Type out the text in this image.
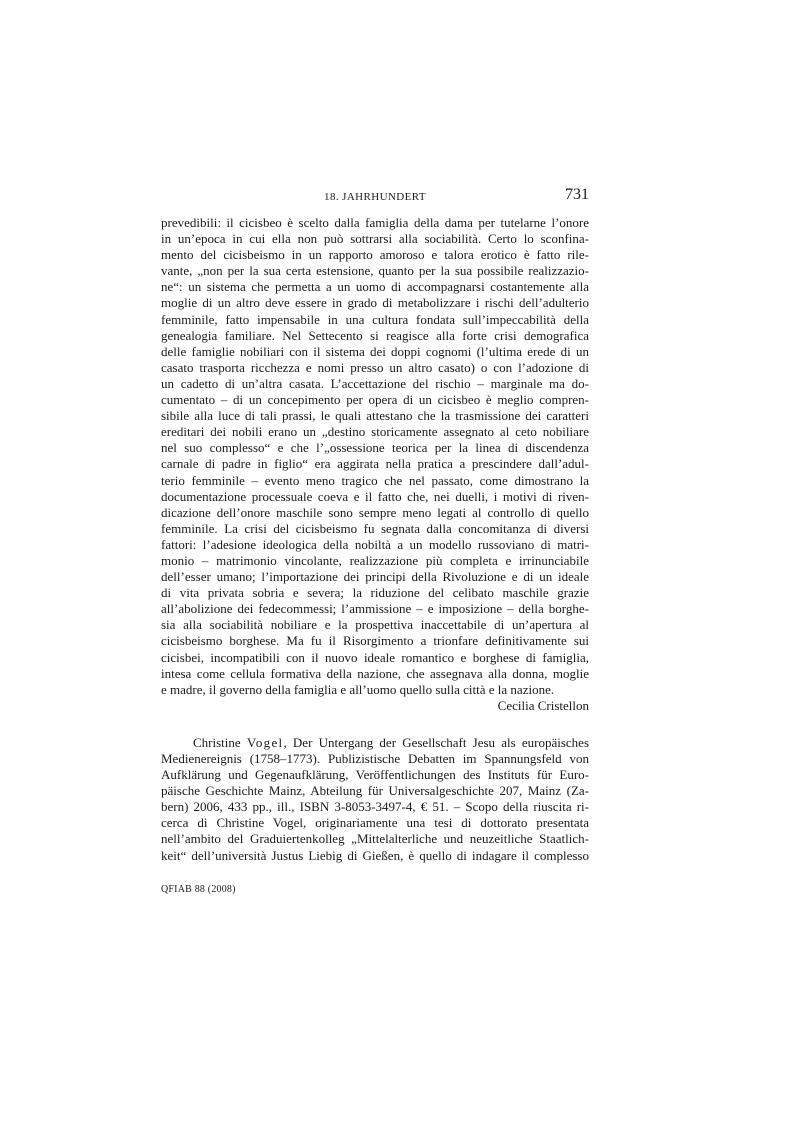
18. JAHRHUNDERT	731
prevedibili: il cicisbeo è scelto dalla famiglia della dama per tutelarne l’onore
in un’epoca in cui ella non può sottrarsi alla sociabilità. Certo lo sconfina-
mento del cicisbeismo in un rapporto amoroso e talora erotico è fatto rile-
vante, „non per la sua certa estensione, quanto per la sua possibile realizzazio-
ne“: un sistema che permetta a un uomo di accompagnarsi costantemente alla
moglie di un altro deve essere in grado di metabolizzare i rischi dell’adulterio
femminile, fatto impensabile in una cultura fondata sull’impeccabilità della
genealogia familiare. Nel Settecento si reagisce alla forte crisi demografica
delle famiglie nobiliari con il sistema dei doppi cognomi (l’ultima erede di un
casato trasporta ricchezza e nomi presso un altro casato) o con l’adozione di
un cadetto di un’altra casata. L’accettazione del rischio – marginale ma do-
cumentato – di un concepimento per opera di un cicisbeo è meglio compren-
sibile alla luce di tali prassi, le quali attestano che la trasmissione dei caratteri
ereditari dei nobili erano un „destino storicamente assegnato al ceto nobiliare
nel suo complesso“ e che l’„ossessione teorica per la linea di discendenza
carnale di padre in figlio“ era aggirata nella pratica a prescindere dall’adul-
terio femminile – evento meno tragico che nel passato, come dimostrano la
documentazione processuale coeva e il fatto che, nei duelli, i motivi di riven-
dicazione dell’onore maschile sono sempre meno legati al controllo di quello
femminile. La crisi del cicisbeismo fu segnata dalla concomitanza di diversi
fattori: l’adesione ideologica della nobiltà a un modello russoviano di matri-
monio – matrimonio vincolante, realizzazione più completa e irrinunciabile
dell’esser umano; l’importazione dei principi della Rivoluzione e di un ideale
di vita privata sobria e severa; la riduzione del celibato maschile grazie
all’abolizione dei fedecommessi; l’ammissione – e imposizione – della borghe-
sia alla sociabilità nobiliare e la prospettiva inaccettabile di un’apertura al
cicisbeismo borghese. Ma fu il Risorgimento a trionfare definitivamente sui
cicisbei, incompatibili con il nuovo ideale romantico e borghese di famiglia,
intesa come cellula formativa della nazione, che assegnava alla donna, moglie
e madre, il governo della famiglia e all’uomo quello sulla città e la nazione.
Cecilia Cristellon
Christine Vogel, Der Untergang der Gesellschaft Jesu als europäisches
Medienereignis (1758–1773). Publizistische Debatten im Spannungsfeld von
Aufklärung und Gegenaufklärung, Veröffentlichungen des Instituts für Euro-
päische Geschichte Mainz, Abteilung für Universalgeschichte 207, Mainz (Za-
bern) 2006, 433 pp., ill., ISBN 3-8053-3497-4, € 51. – Scopo della riuscita ri-
cerca di Christine Vogel, originariamente una tesi di dottorato presentata
nell’ambito del Graduiertenkolleg „Mittelalterliche und neuzeitliche Staatlich-
keit“ dell’università Justus Liebig di Gießen, è quello di indagare il complesso
QFIAB 88 (2008)
